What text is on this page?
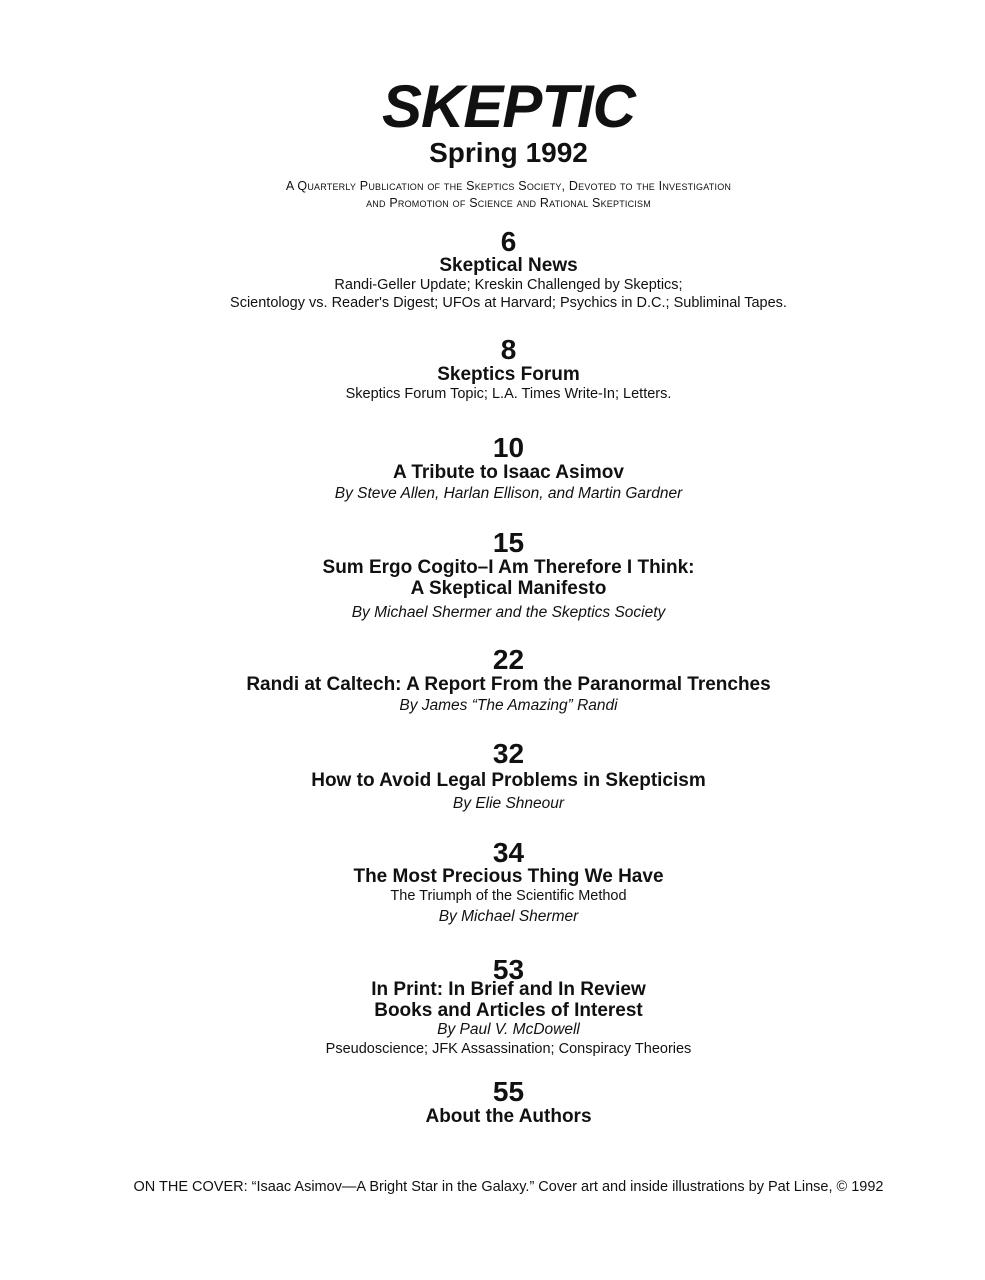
SKEPTIC
Spring 1992
A Quarterly Publication of the Skeptics Society, Devoted to the Investigation
and Promotion of Science and Rational Skepticism
6
Skeptical News
Randi-Geller Update; Kreskin Challenged by Skeptics;
Scientology vs. Reader's Digest; UFOs at Harvard; Psychics in D.C.; Subliminal Tapes.
8
Skeptics Forum
Skeptics Forum Topic; L.A. Times Write-In; Letters.
10
A Tribute to Isaac Asimov
By Steve Allen, Harlan Ellison, and Martin Gardner
15
Sum Ergo Cogito–I Am Therefore I Think:
A Skeptical Manifesto
By Michael Shermer and the Skeptics Society
22
Randi at Caltech: A Report From the Paranormal Trenches
By James “The Amazing” Randi
32
How to Avoid Legal Problems in Skepticism
By Elie Shneour
34
The Most Precious Thing We Have
The Triumph of the Scientific Method
By Michael Shermer
53
In Print: In Brief and In Review
Books and Articles of Interest
By Paul V. McDowell
Pseudoscience; JFK Assassination; Conspiracy Theories
55
About the Authors
ON THE COVER: “Isaac Asimov—A Bright Star in the Galaxy.” Cover art and inside illustrations by Pat Linse, © 1992
